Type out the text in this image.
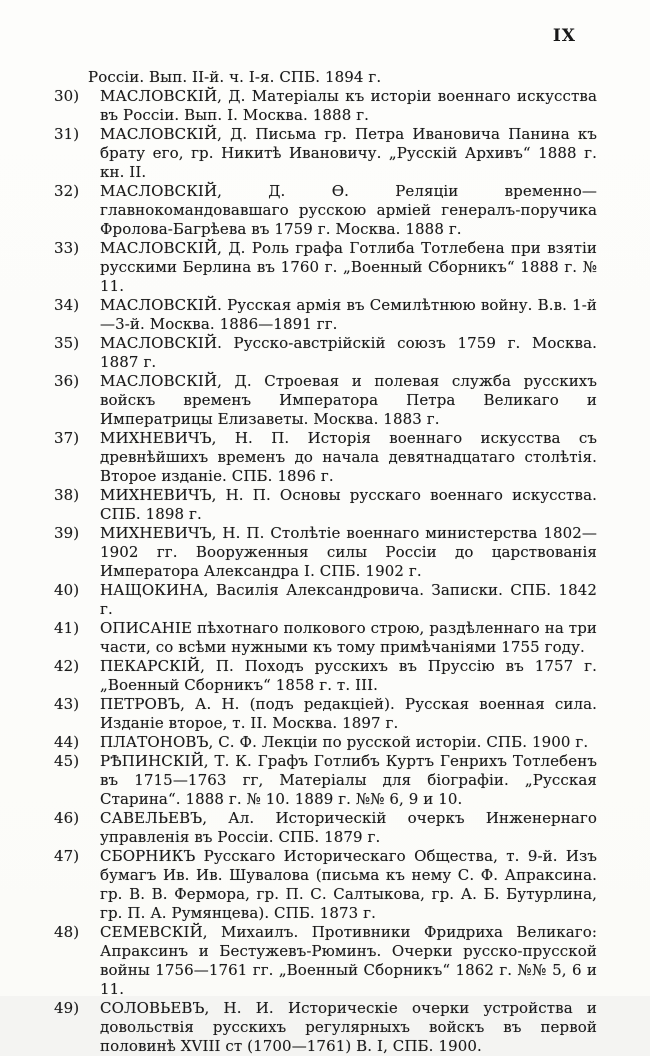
IX
Россіи. Вып. ІІ-й. ч. І-я. СПБ. 1894 г.
30)	МАСЛОВСКІЙ, Д. Матеріалы къ исторіи военнаго искусства въ Россіи. Вып. I. Москва. 1888 г.
31)	МАСЛОВСКІЙ, Д. Письма гр. Петра Ивановича Панина къ брату его, гр. Никитѣ Ивановичу. „Русскій Архивъ“ 1888 г. кн. II.
32)	МАСЛОВСКІЙ, Д. Ѳ. Реляціи временно—главнокомандовавшаго русскою арміей генералъ-поручика Фролова-Багрѣева въ 1759 г. Москва. 1888 г.
33)	МАСЛОВСКІЙ, Д. Роль графа Готлиба Тотлебена при взятіи русскими Берлина въ 1760 г. „Военный Сборникъ“ 1888 г. № 11.
34)	МАСЛОВСКІЙ. Русская армія въ Семилѣтнюю войну. В.в. 1-й—3-й. Москва. 1886—1891 гг.
35)	МАСЛОВСКІЙ. Русско-австрійскій союзъ 1759 г. Москва. 1887 г.
36)	МАСЛОВСКІЙ, Д. Строевая и полевая служба русскихъ войскъ временъ Императора Петра Великаго и Императрицы Елизаветы. Москва. 1883 г.
37)	МИХНЕВИЧЪ, Н. П. Исторія военнаго искусства съ древнѣйшихъ временъ до начала девятнадцатаго столѣтія. Второе изданіе. СПБ. 1896 г.
38)	МИХНЕВИЧЪ, Н. П. Основы русскаго военнаго искусства. СПБ. 1898 г.
39)	МИХНЕВИЧЪ, Н. П. Столѣтіе военнаго министерства 1802—1902 гг. Вооруженныя силы Россіи до царствованія Императора Александра I. СПБ. 1902 г.
40)	НАЩОКИНА, Василія Александровича. Записки. СПБ. 1842 г.
41)	ОПИСАНІЕ пѣхотнаго полкового строю, раздѣленнаго на три части, со всѣми нужными къ тому примѣчаніями 1755 году.
42)	ПЕКАРСКІЙ, П. Походъ русскихъ въ Пруссію въ 1757 г. „Военный Сборникъ“ 1858 г. т. III.
43)	ПЕТРОВЪ, А. Н. (подъ редакціей). Русская военная сила. Изданіе второе, т. II. Москва. 1897 г.
44)	ПЛАТОНОВЪ, С. Ф. Лекціи по русской исторіи. СПБ. 1900 г.
45)	РѢПИНСКІЙ, Т. К. Графъ Готлибъ Куртъ Генрихъ Тотлебенъ въ 1715—1763 гг, Матеріалы для біографіи. „Русская Старина“. 1888 г. № 10. 1889 г. №№ 6, 9 и 10.
46)	САВЕЛЬЕВЪ, Ал. Историческій очеркъ Инженернаго управленія въ Россіи. СПБ. 1879 г.
47)	СБОРНИКЪ Русскаго Историческаго Общества, т. 9-й. Изъ бумагъ Ив. Ив. Шувалова (письма къ нему С. Ф. Апраксина. гр. В. В. Фермора, гр. П. С. Салтыкова, гр. А. Б. Бутурлина, гр. П. А. Румянцева). СПБ. 1873 г.
48)	СЕМЕВСКІЙ, Михаилъ. Противники Фридриха Великаго: Апраксинъ и Бестужевъ-Рюминъ. Очерки русско-прусской войны 1756—1761 гг. „Военный Сборникъ“ 1862 г. №№ 5, 6 и 11.
49)	СОЛОВЬЕВЪ, Н. И. Историческіе очерки устройства и довольствія русскихъ регулярныхъ войскъ въ первой половинѣ XVIII ст (1700—1761) В. I, СПБ. 1900.
